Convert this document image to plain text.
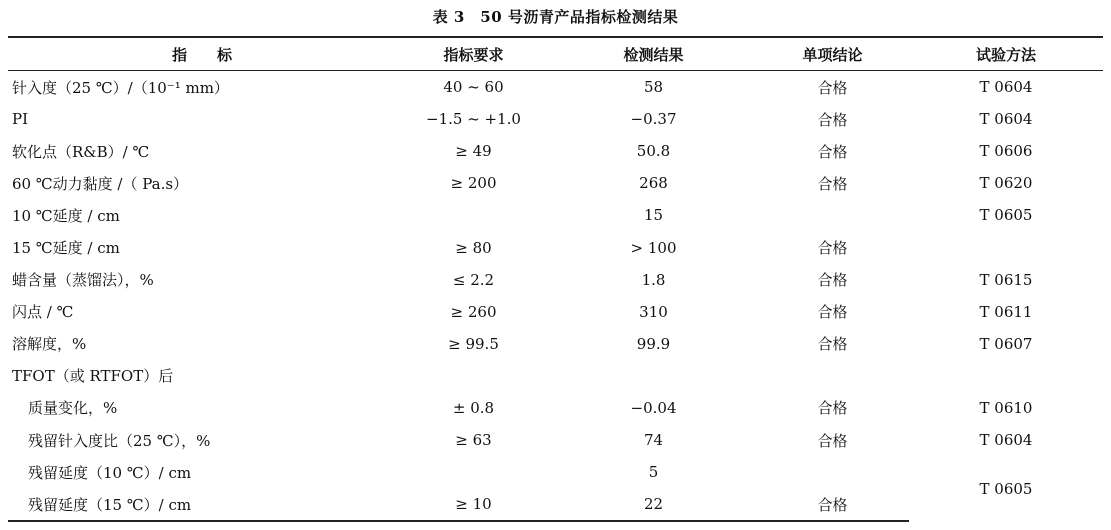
表 3　50 号沥青产品指标检测结果
指　　标	指标要求	检测结果	单项结论	试验方法
针入度（25 ℃）/（10⁻¹ mm）	40 ~ 60	58	合格	T 0604
PI	−1.5 ~ +1.0	−0.37	合格	T 0604
软化点（R&B）/ ℃	≥ 49	50.8	合格	T 0606
60 ℃动力黏度 /（ Pa.s）	≥ 200	268	合格	T 0620
10 ℃延度 / cm		15		T 0605
15 ℃延度 / cm	≥ 80	> 100	合格	
蜡含量（蒸馏法），%	≤ 2.2	1.8	合格	T 0615
闪点 / ℃	≥ 260	310	合格	T 0611
溶解度，%	≥ 99.5	99.9	合格	T 0607
TFOT（或 RTFOT）后				
质量变化，%	± 0.8	−0.04	合格	T 0610
残留针入度比（25 ℃），%	≥ 63	74	合格	T 0604
残留延度（10 ℃）/ cm		5		T 0605
残留延度（15 ℃）/ cm	≥ 10	22	合格	
